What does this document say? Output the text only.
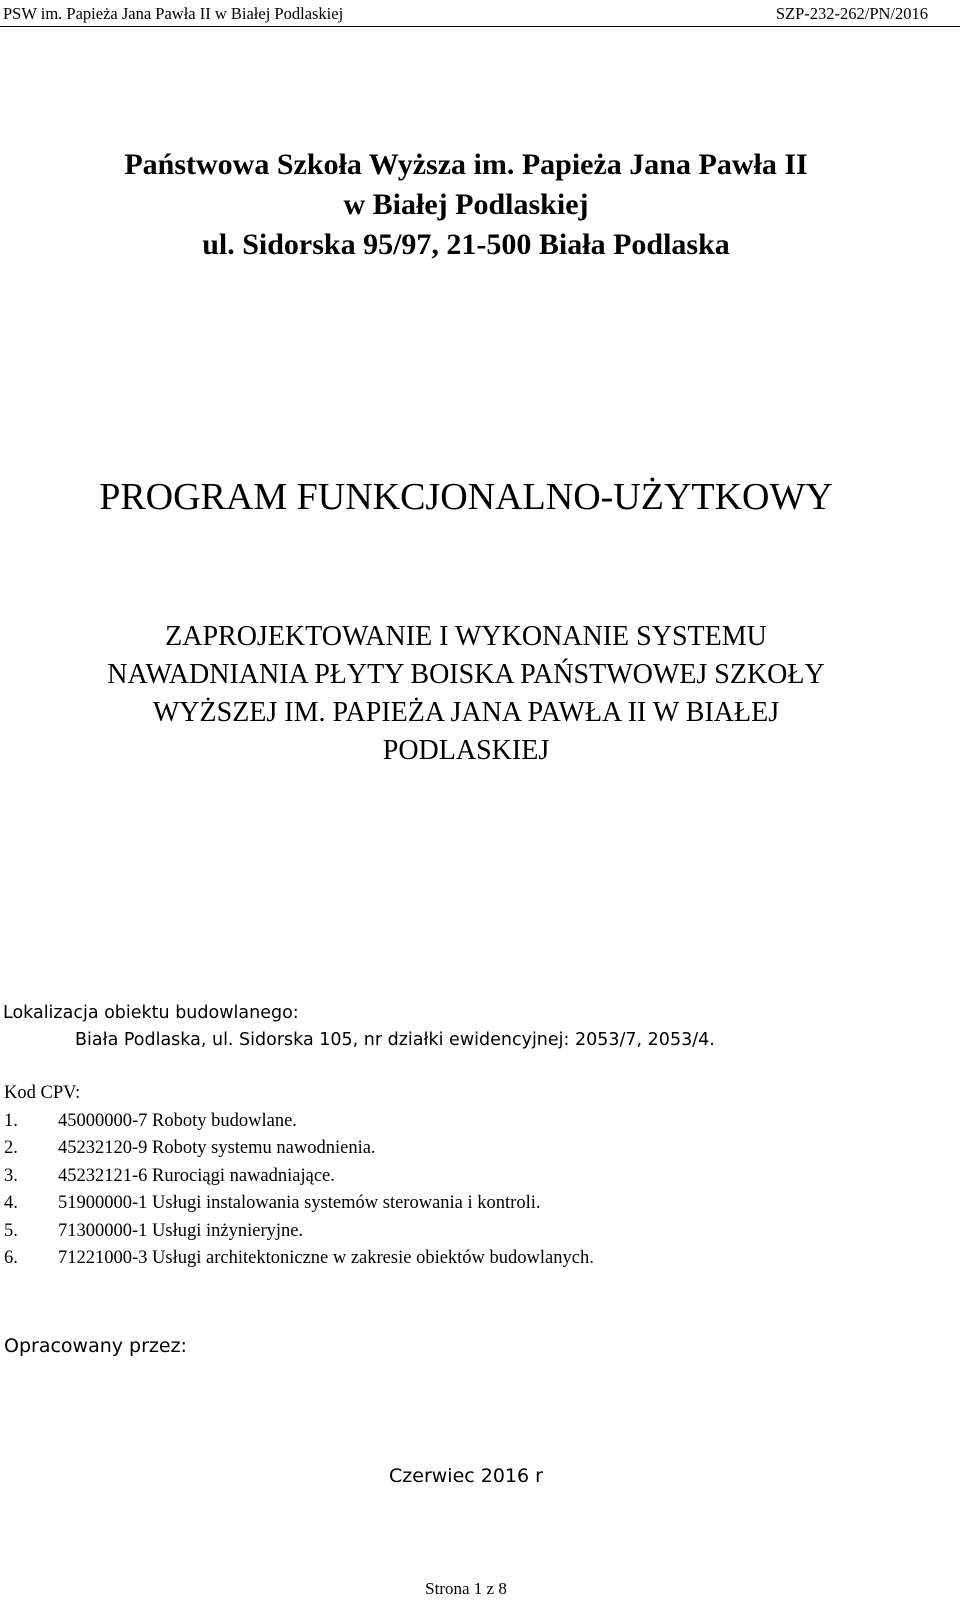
PSW im. Papieża Jana Pawła II w Białej Podlaskiej	SZP-232-262/PN/2016
Państwowa Szkoła Wyższa im. Papieża Jana Pawła II
w Białej Podlaskiej
ul. Sidorska 95/97, 21-500 Biała Podlaska
PROGRAM FUNKCJONALNO-UŻYTKOWY
ZAPROJEKTOWANIE I WYKONANIE SYSTEMU
NAWADNIANIA PŁYTY BOISKA PAŃSTWOWEJ SZKOŁY
WYŻSZEJ IM. PAPIEŻA JANA PAWŁA II W BIAŁEJ
PODLASKIEJ
Lokalizacja obiektu budowlanego:
Biała Podlaska, ul. Sidorska 105, nr działki ewidencyjnej: 2053/7, 2053/4.
Kod CPV:
1. 45000000-7 Roboty budowlane.
2. 45232120-9 Roboty systemu nawodnienia.
3. 45232121-6 Rurociągi nawadniające.
4. 51900000-1 Usługi instalowania systemów sterowania i kontroli.
5. 71300000-1 Usługi inżynieryjne.
6. 71221000-3 Usługi architektoniczne w zakresie obiektów budowlanych.
Opracowany przez:
Czerwiec 2016 r
Strona 1 z 8
